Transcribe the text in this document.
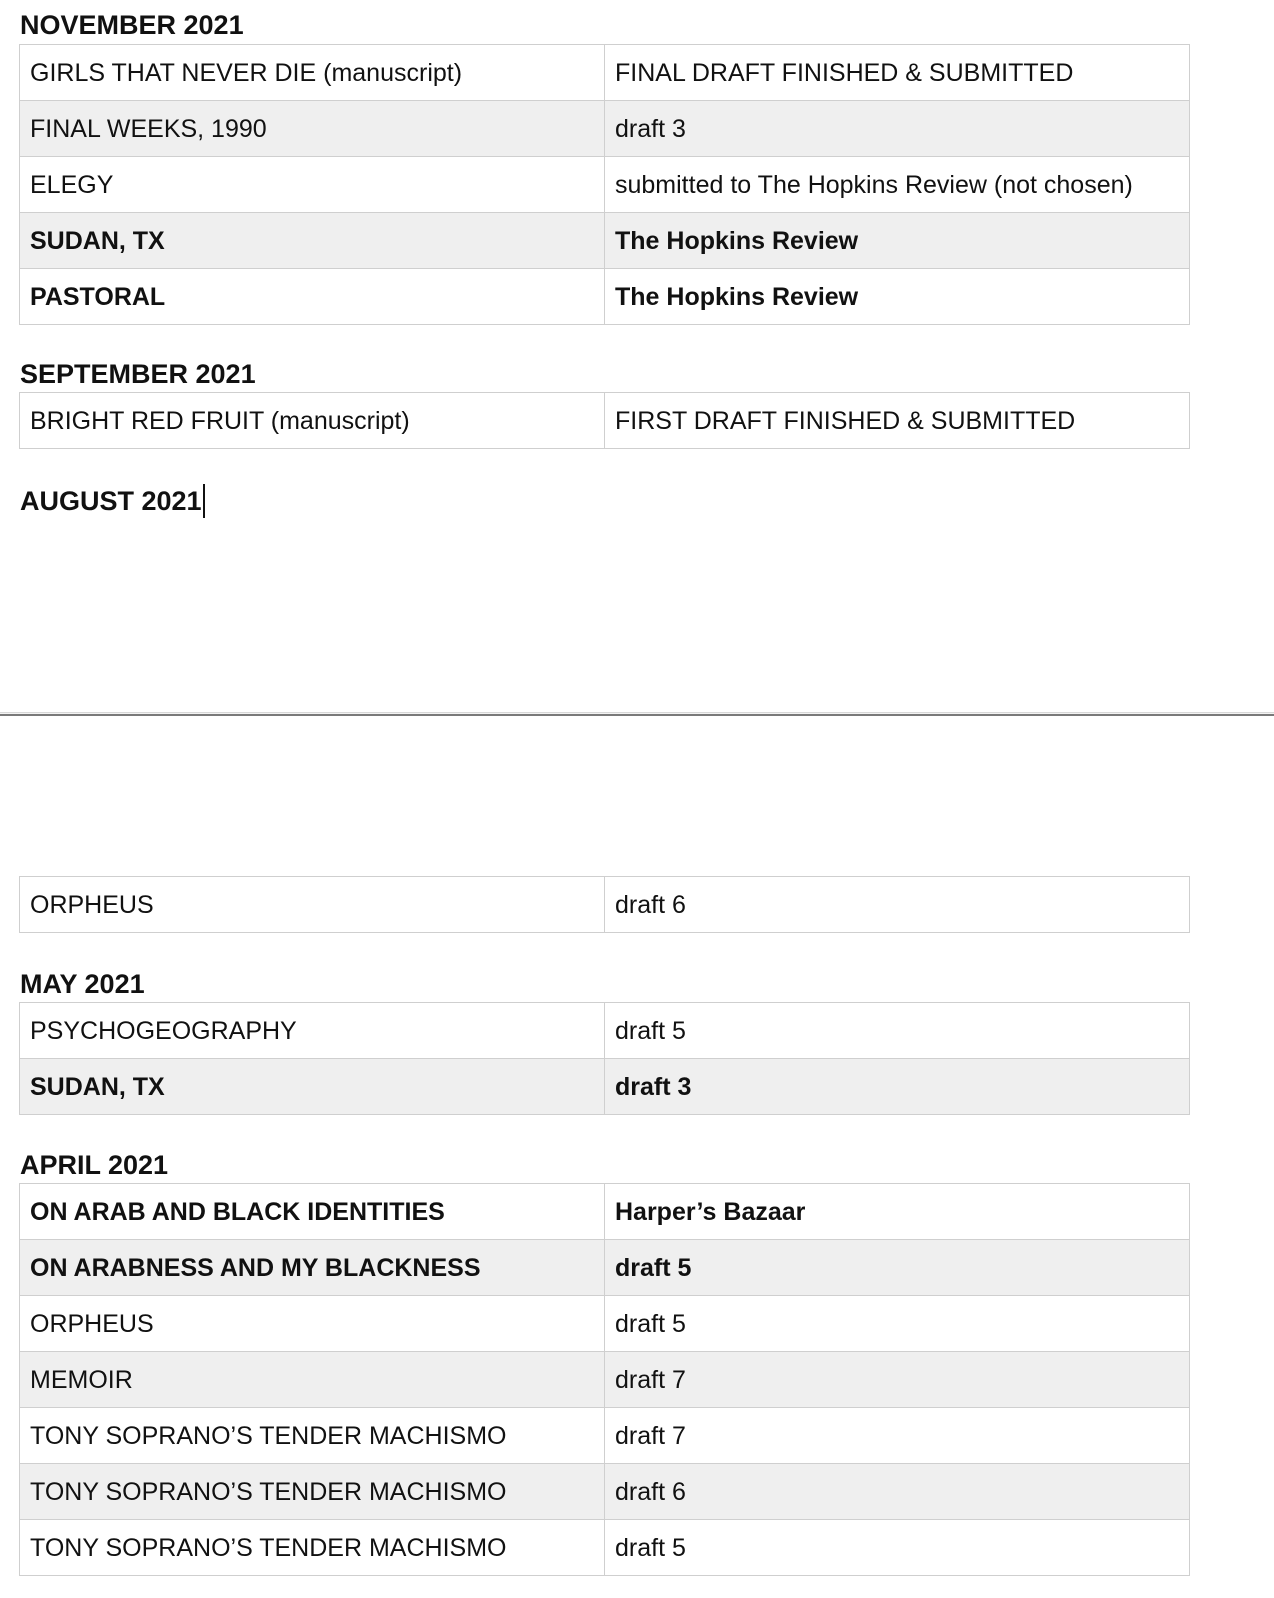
NOVEMBER 2021
GIRLS THAT NEVER DIE (manuscript)	FINAL DRAFT FINISHED & SUBMITTED
FINAL WEEKS, 1990	draft 3
ELEGY	submitted to The Hopkins Review (not chosen)
SUDAN, TX	The Hopkins Review
PASTORAL	The Hopkins Review
SEPTEMBER 2021
BRIGHT RED FRUIT (manuscript)	FIRST DRAFT FINISHED & SUBMITTED
AUGUST 2021
ORPHEUS	draft 6
MAY 2021
PSYCHOGEOGRAPHY	draft 5
SUDAN, TX	draft 3
APRIL 2021
ON ARAB AND BLACK IDENTITIES	Harper’s Bazaar
ON ARABNESS AND MY BLACKNESS	draft 5
ORPHEUS	draft 5
MEMOIR	draft 7
TONY SOPRANO’S TENDER MACHISMO	draft 7
TONY SOPRANO’S TENDER MACHISMO	draft 6
TONY SOPRANO’S TENDER MACHISMO	draft 5
